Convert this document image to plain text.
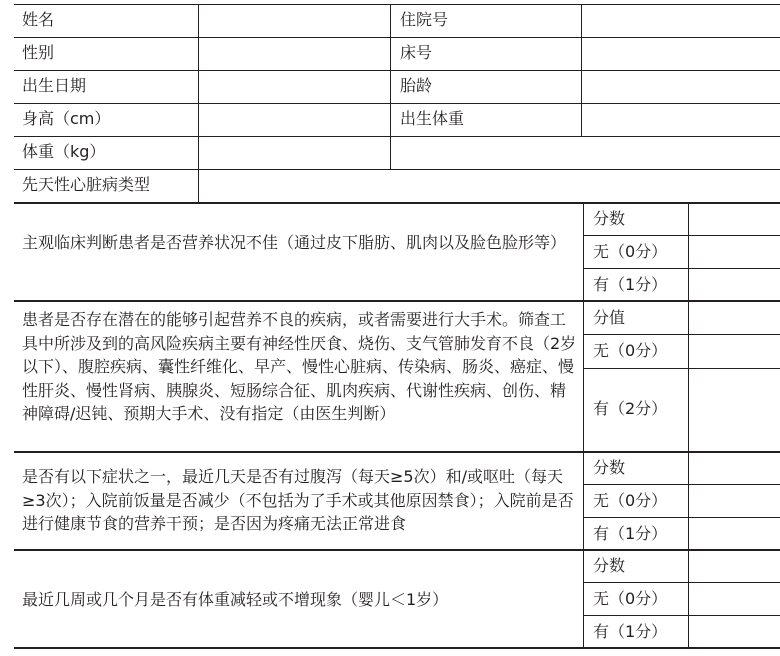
姓名	住院号
性别	床号
出生日期	胎龄
身高（cm）	出生体重
体重（kg）
先天性心脏病类型
主观临床判断患者是否营养状况不佳（通过皮下脂肪、肌肉以及脸色脸形等）
分数
无（0分）
有（1分）
患者是否存在潜在的能够引起营养不良的疾病，或者需要进行大手术。筛查工具中所涉及到的高风险疾病主要有神经性厌食、烧伤、支气管肺发育不良（2岁以下）、腹腔疾病、囊性纤维化、早产、慢性心脏病、传染病、肠炎、癌症、慢性肝炎、慢性肾病、胰腺炎、短肠综合征、肌肉疾病、代谢性疾病、创伤、精神障碍/迟钝、预期大手术、没有指定（由医生判断）
分值
无（0分）
有（2分）
是否有以下症状之一，最近几天是否有过腹泻（每天≥5次）和/或呕吐（每天≥3次）；入院前饭量是否减少（不包括为了手术或其他原因禁食）；入院前是否进行健康节食的营养干预；是否因为疼痛无法正常进食
分数
无（0分）
有（1分）
最近几周或几个月是否有体重减轻或不增现象（婴儿＜1岁）
分数
无（0分）
有（1分）
